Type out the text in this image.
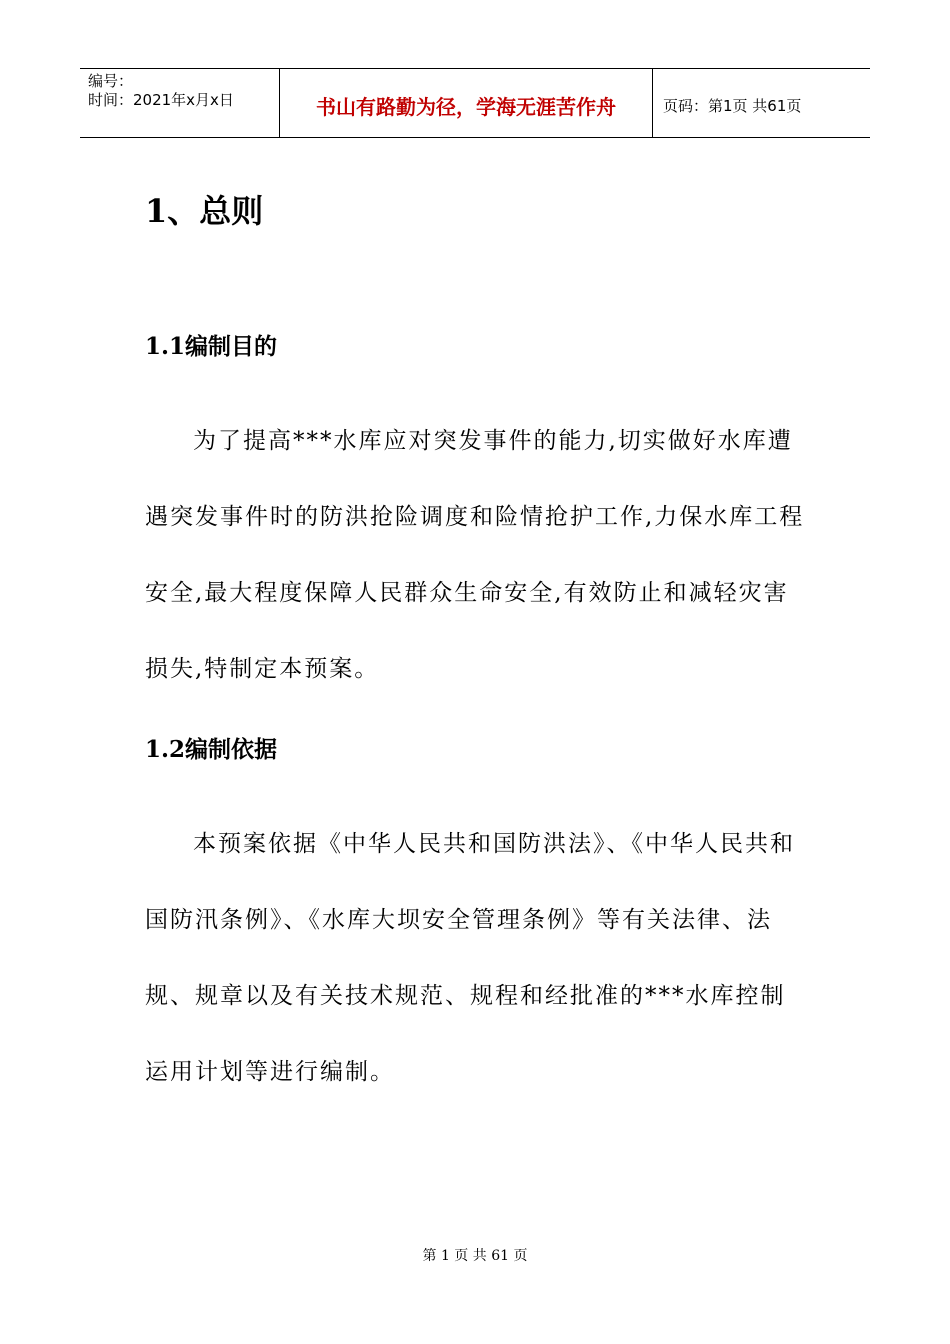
编号：
时间：2021年x月x日	书山有路勤为径，学海无涯苦作舟	页码：第1页 共61页
1、总则
1.1编制目的

为了提高***水库应对突发事件的能力,切实做好水库遭遇突发事件时的防洪抢险调度和险情抢护工作,力保水库工程安全,最大程度保障人民群众生命安全,有效防止和减轻灾害损失,特制定本预案。

1.2编制依据

本预案依据《中华人民共和国防洪法》、《中华人民共和国防汛条例》、《水库大坝安全管理条例》等有关法律、法规、规章以及有关技术规范、规程和经批准的***水库控制运用计划等进行编制。

第 1 页 共 61 页
